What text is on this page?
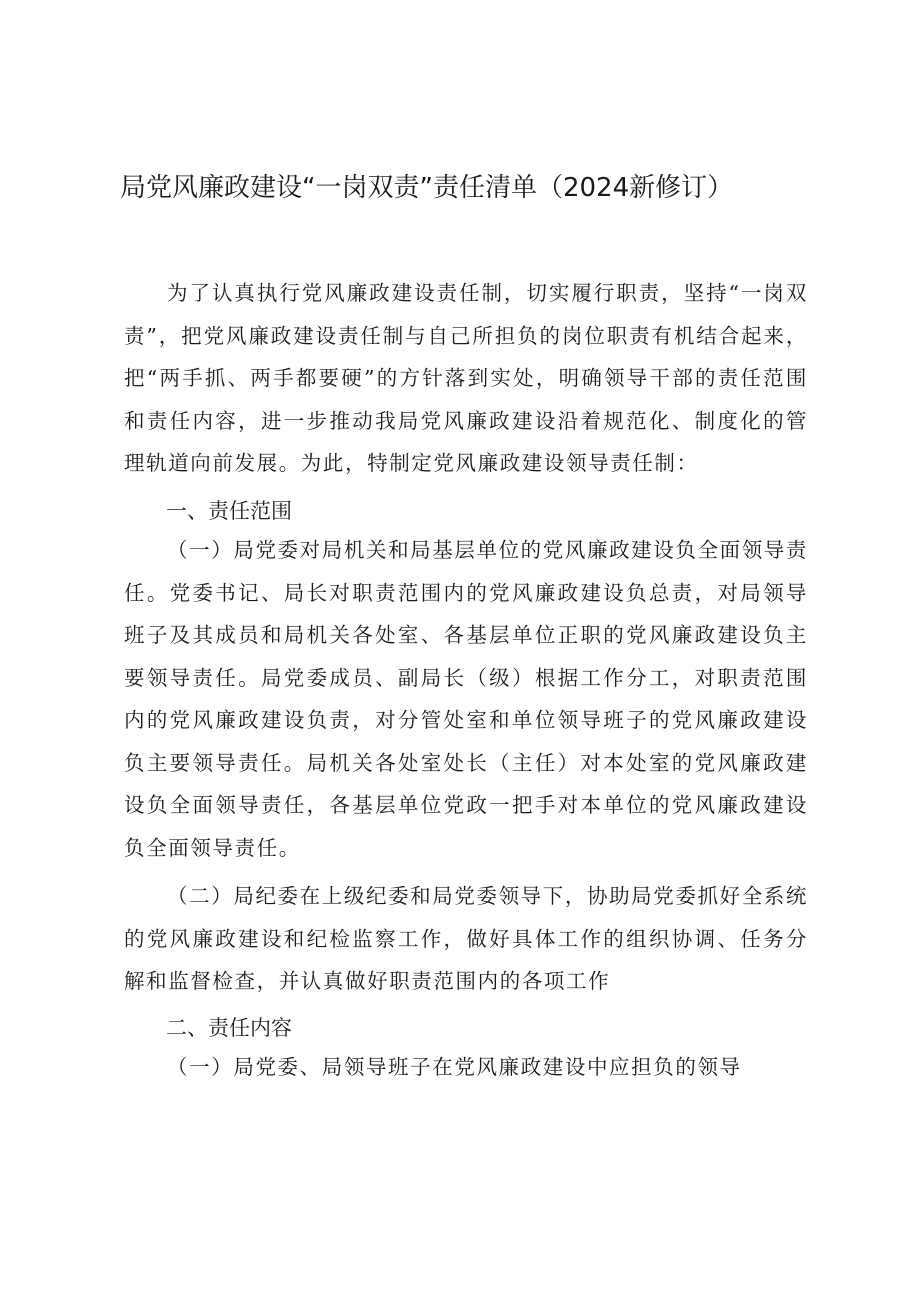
局党风廉政建设“一岗双责”责任清单（2024新修订）

为了认真执行党风廉政建设责任制，切实履行职责，坚持“一岗双责”，把党风廉政建设责任制与自己所担负的岗位职责有机结合起来，把“两手抓、两手都要硬”的方针落到实处，明确领导干部的责任范围和责任内容，进一步推动我局党风廉政建设沿着规范化、制度化的管理轨道向前发展。为此，特制定党风廉政建设领导责任制：

一、责任范围

（一）局党委对局机关和局基层单位的党风廉政建设负全面领导责任。党委书记、局长对职责范围内的党风廉政建设负总责，对局领导班子及其成员和局机关各处室、各基层单位正职的党风廉政建设负主要领导责任。局党委成员、副局长（级）根据工作分工，对职责范围内的党风廉政建设负责，对分管处室和单位领导班子的党风廉政建设负主要领导责任。局机关各处室处长（主任）对本处室的党风廉政建设负全面领导责任，各基层单位党政一把手对本单位的党风廉政建设负全面领导责任。

（二）局纪委在上级纪委和局党委领导下，协助局党委抓好全系统的党风廉政建设和纪检监察工作，做好具体工作的组织协调、任务分解和监督检查，并认真做好职责范围内的各项工作

二、责任内容

（一）局党委、局领导班子在党风廉政建设中应担负的领导
